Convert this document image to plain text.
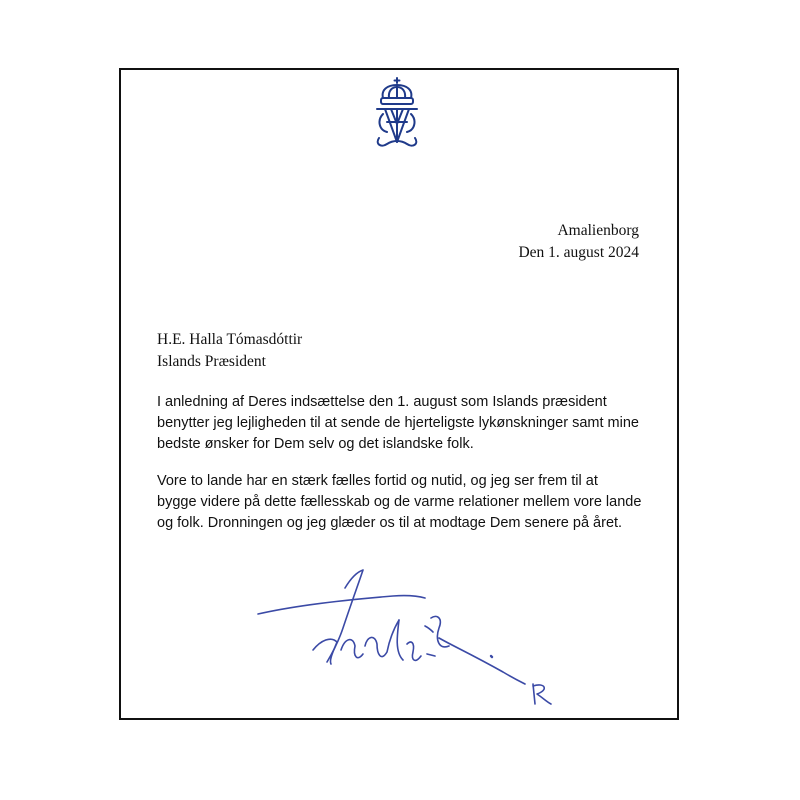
Amalienborg
Den 1. august 2024
H.E. Halla Tómasdóttir
Islands Præsident
I anledning af Deres indsættelse den 1. august som Islands præsident
benytter jeg lejligheden til at sende de hjerteligste lykønskninger samt mine
bedste ønsker for Dem selv og det islandske folk.
Vore to lande har en stærk fælles fortid og nutid, og jeg ser frem til at
bygge videre på dette fællesskab og de varme relationer mellem vore lande
og folk. Dronningen og jeg glæder os til at modtage Dem senere på året.
